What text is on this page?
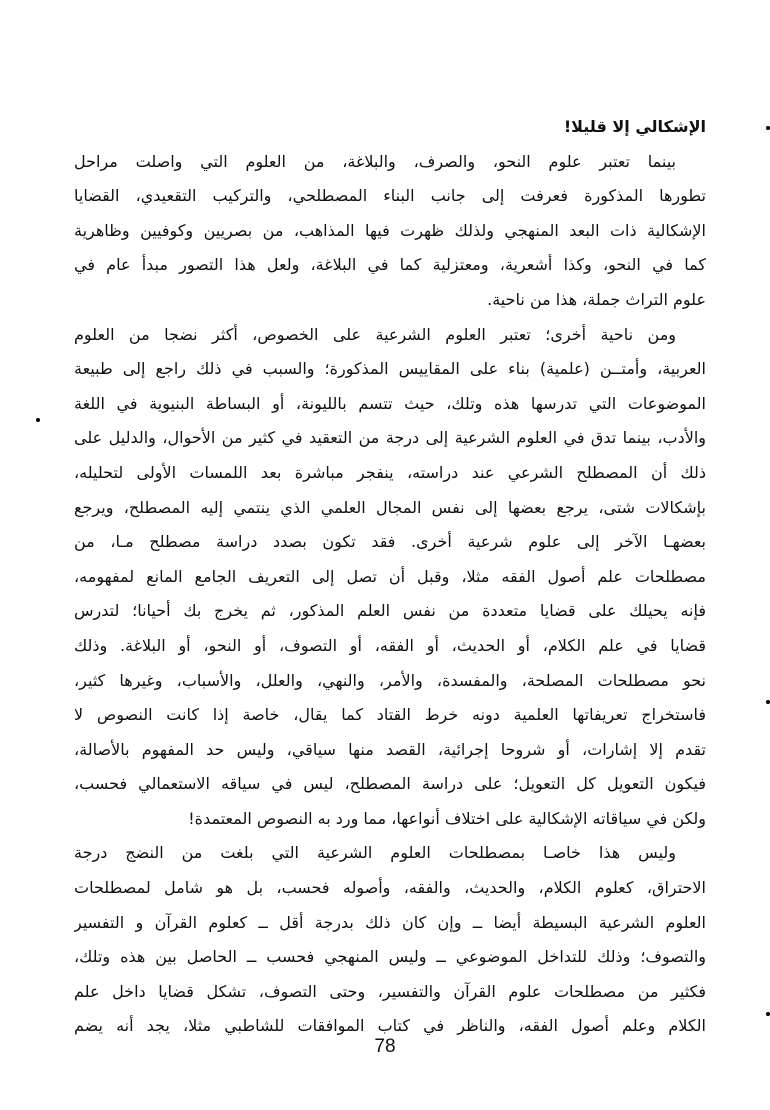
الإشكالي إلا قليلا!
بينما تعتبر علوم النحو، والصرف، والبلاغة، من العلوم التي واصلت مراحل
تطورها المذكورة فعرفت إلى جانب البناء المصطلحي، والتركيب التقعيدي، القضايا
الإشكالية ذات البعد المنهجي ولذلك ظهرت فيها المذاهب، من بصريين وكوفيين وظاهرية
كما في النحو، وكذا أشعرية، ومعتزلية كما في البلاغة، ولعل هذا التصور مبدأ عام في
علوم التراث جملة، هذا من ناحية.
ومن ناحية أخرى؛ تعتبر العلوم الشرعية على الخصوص، أكثر نضجا من العلوم
العربية، وأمتــن (علمية) بناء على المقاييس المذكورة؛ والسبب في ذلك راجع إلى طبيعة
الموضوعات التي تدرسها هذه وتلك، حيث تتسم بالليونة، أو البساطة البنيوية في اللغة
والأدب، بينما تدق في العلوم الشرعية إلى درجة من التعقيد في كثير من الأحوال، والدليل على
ذلك أن المصطلح الشرعي عند دراسته، ينفجر مباشرة بعد اللمسات الأولى لتحليله،
بإشكالات شتى، يرجع بعضها إلى نفس المجال العلمي الذي ينتمي إليه المصطلح، ويرجع
بعضهـا الآخر إلى علوم شرعية أخرى. فقد تكون بصدد دراسة مصطلح مـا، من
مصطلحات علم أصول الفقه مثلا، وقبل أن تصل إلى التعريف الجامع المانع لمفهومه،
فإنه يحيلك على قضايا متعددة من نفس العلم المذكور، ثم يخرج بك أحيانا؛ لتدرس
قضايا في علم الكلام، أو الحديث، أو الفقه، أو التصوف، أو النحو، أو البلاغة. وذلك
نحو مصطلحات المصلحة، والمفسدة، والأمر، والنهي، والعلل، والأسباب، وغيرها كثير،
فاستخراج تعريفاتها العلمية دونه خرط القتاد كما يقال، خاصة إذا كانت النصوص لا
تقدم إلا إشارات، أو شروحا إجرائية، القصد منها سياقي، وليس حد المفهوم بالأصالة،
فيكون التعويل كل التعويل؛ على دراسة المصطلح، ليس في سياقه الاستعمالي فحسب،
ولكن في سياقاته الإشكالية على اختلاف أنواعها، مما ورد به النصوص المعتمدة!
وليس هذا خاصـا بمصطلحات العلوم الشرعية التي بلغت من النضج درجة
الاحتراق، كعلوم الكلام، والحديث، والفقه، وأصوله فحسب، بل هو شامل لمصطلحات
العلوم الشرعية البسيطة أيضا ــ وإن كان ذلك بدرجة أقل ــ كعلوم القرآن و التفسير
والتصوف؛ وذلك للتداخل الموضوعي ــ وليس المنهجي فحسب ــ الحاصل بين هذه وتلك،
فكثير من مصطلحات علوم القرآن والتفسير، وحتى التصوف، تشكل قضايا داخل علم
الكلام وعلم أصول الفقه، والناظر في كتاب الموافقات للشاطبي مثلا، يجد أنه يضم
78
